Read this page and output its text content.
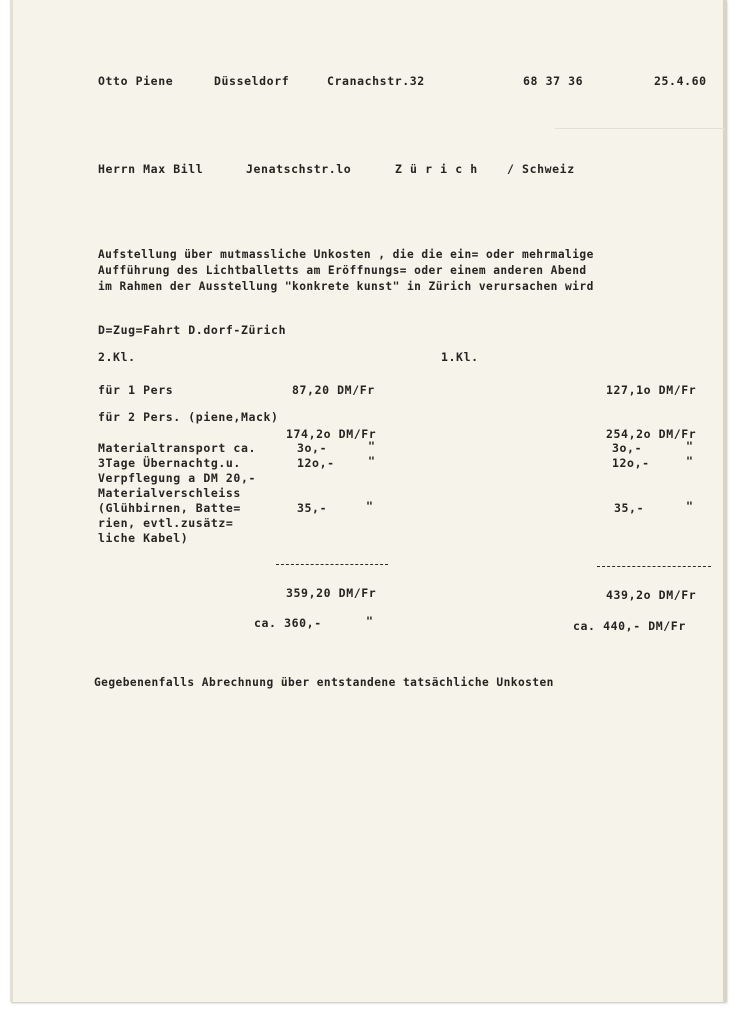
Otto Piene	Düsseldorf	Cranachstr.32	68 37 36	25.4.60
Herrn Max Bill	Jenatschstr.lo	Z ü r i c h	/ Schweiz
Aufstellung über mutmassliche Unkosten , die die ein= oder mehrmalige
Aufführung des Lichtballetts am Eröffnungs= oder einem anderen Abend
im Rahmen der Ausstellung "konkrete kunst" in Zürich verursachen wird
D=Zug=Fahrt D.dorf-Zürich
2.Kl.	1.Kl.
für 1 Pers	87,20 DM/Fr	127,1o DM/Fr
für 2 Pers. (piene,Mack)
174,2o DM/Fr	254,2o DM/Fr
Materialtransport ca.	3o,-	"	3o,-	"
3Tage Übernachtg.u.	12o,-	"	12o,-	"
Verpflegung a DM 20,-
Materialverschleiss
(Glühbirnen, Batte=	35,-	"	35,-	"
rien, evtl.zusätz=
liche Kabel)
359,20 DM/Fr	439,2o DM/Fr
ca. 360,-	"	ca. 440,- DM/Fr
Gegebenenfalls Abrechnung über entstandene tatsächliche Unkosten
